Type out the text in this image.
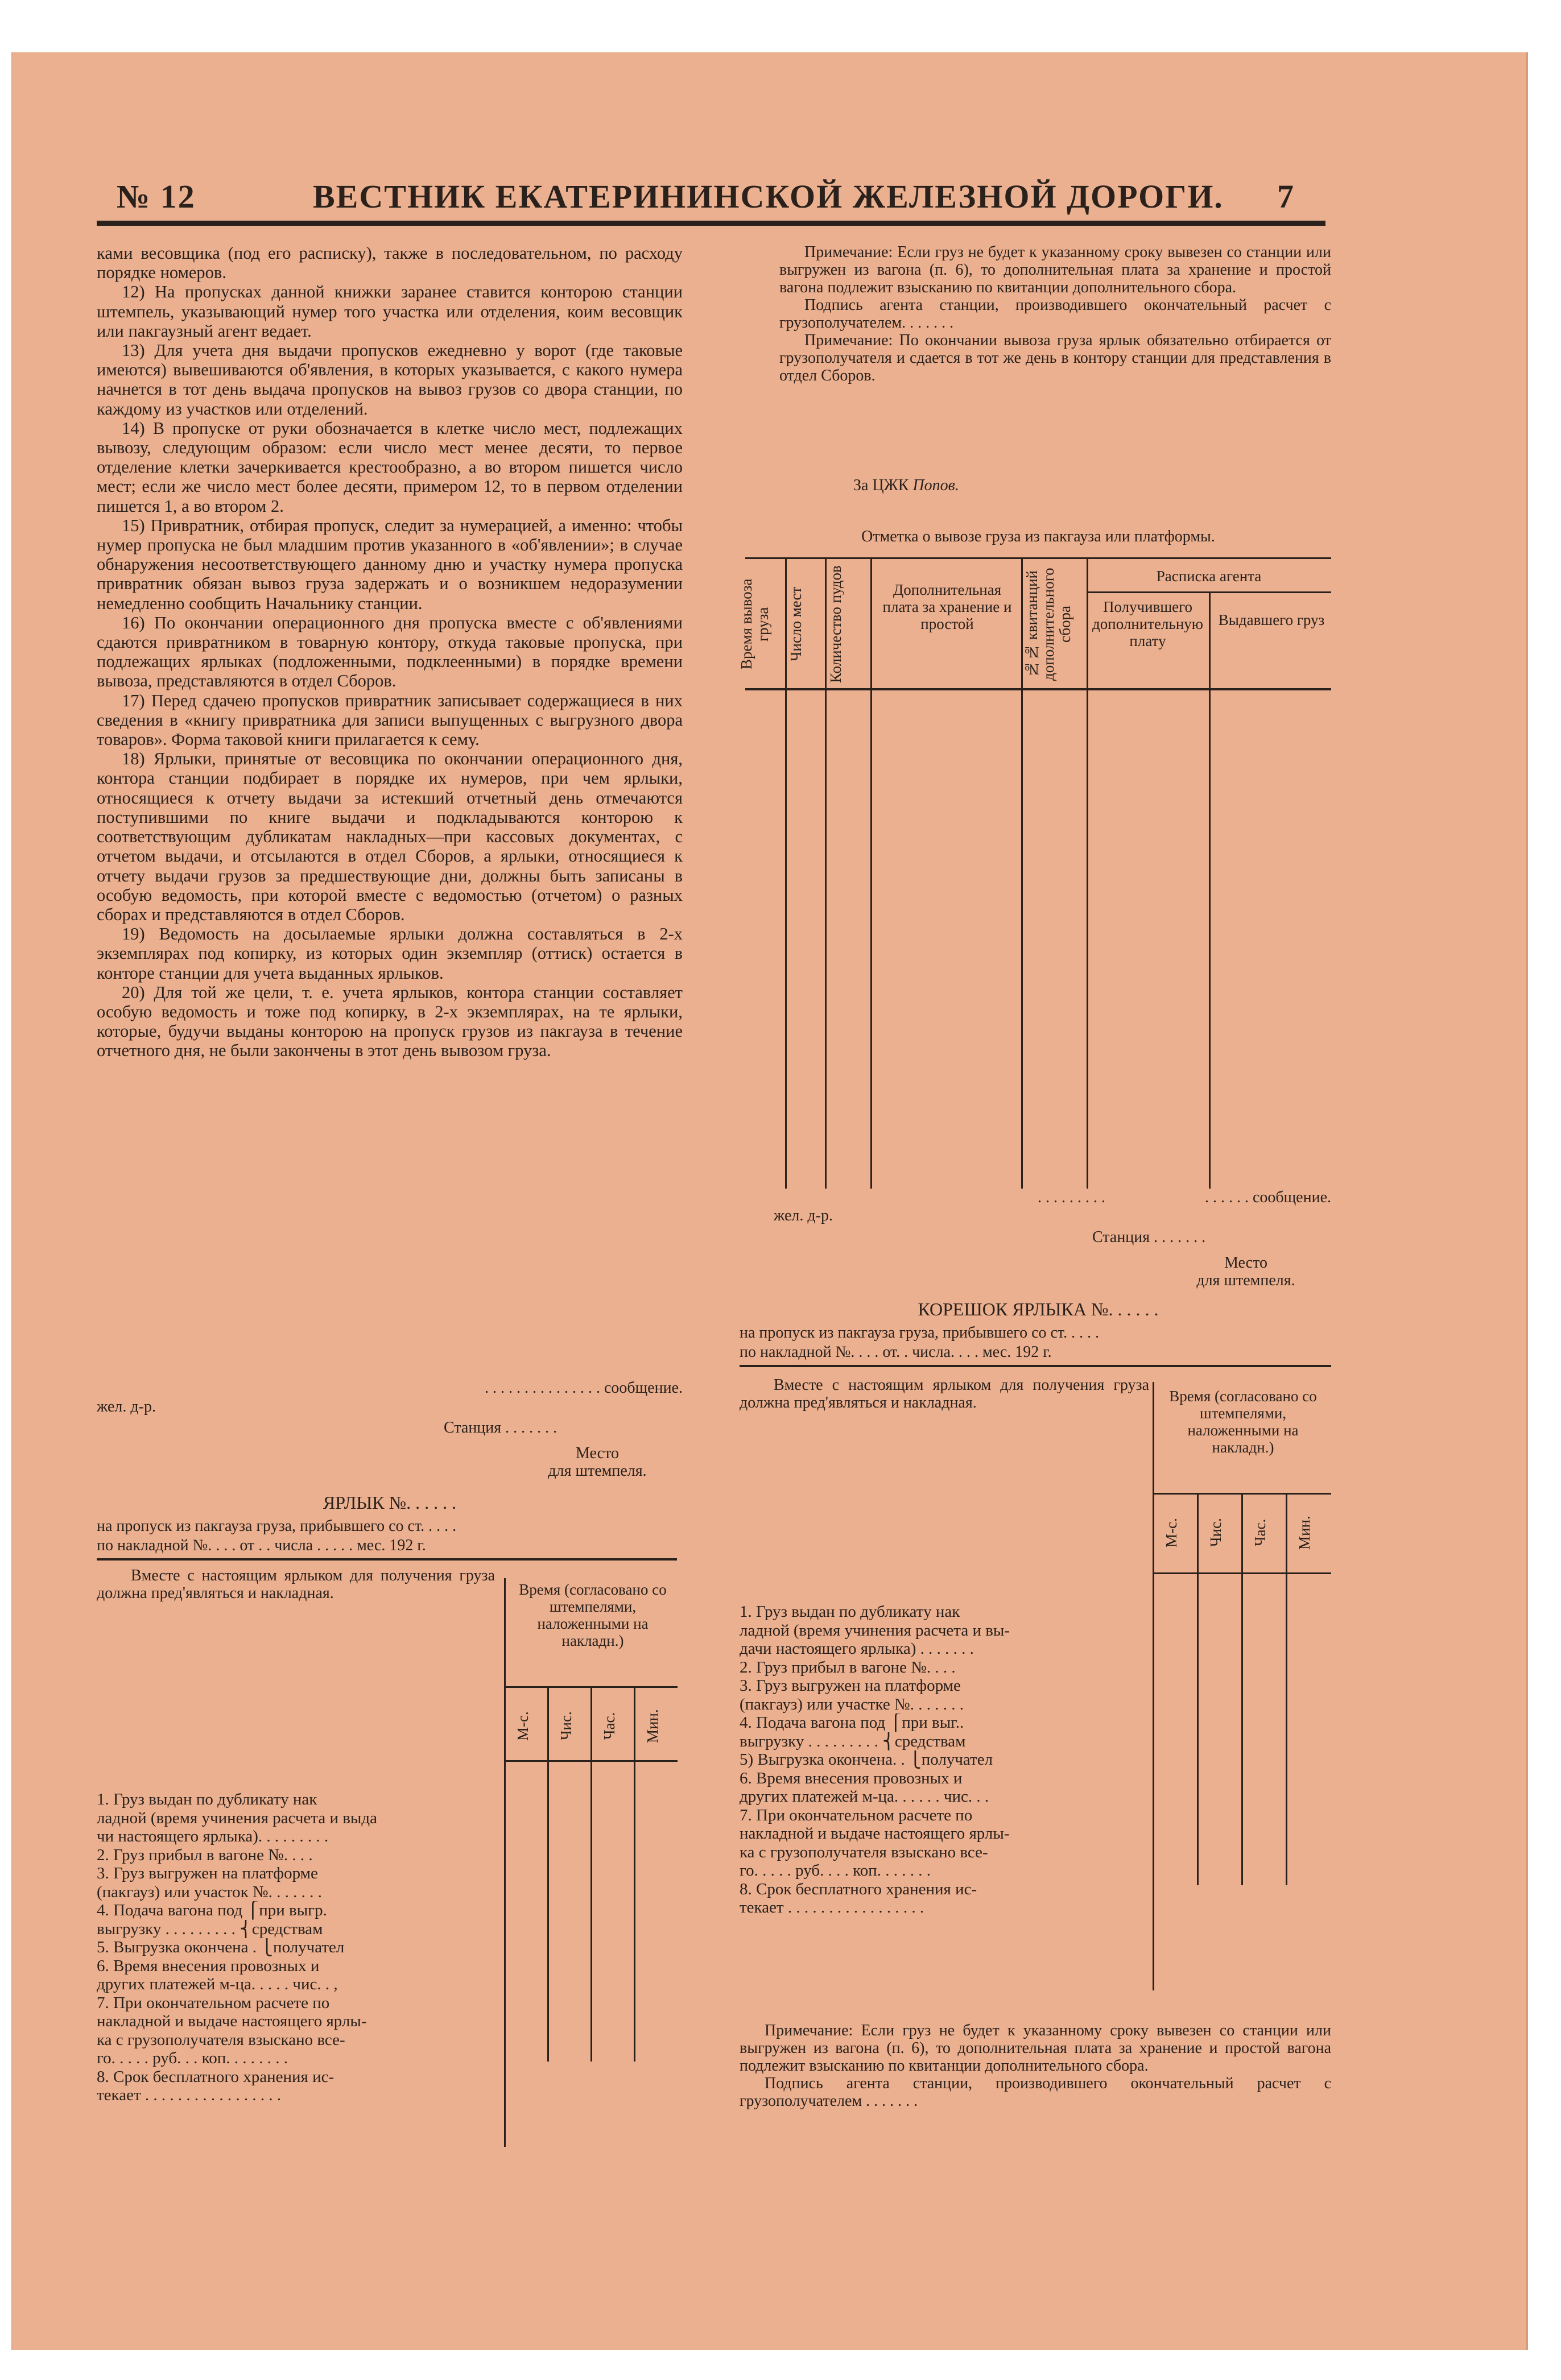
№ 12	ВЕСТНИК ЕКАТЕРИНИНСКОЙ ЖЕЛЕЗНОЙ ДОРОГИ. 7

ками весовщика (под его расписку), также в последовательном, по расходу порядке номеров.

12) На пропусках данной книжки заранее ставится конторою станции штемпель, указывающий нумер того участка или отделения, коим весовщик или пакгаузный агент ведает.

13) Для учета дня выдачи пропусков ежедневно у ворот (где таковые имеются) вывешиваются об'явления, в которых указывается, с какого нумера начнется в тот день выдача пропусков на вывоз грузов со двора станции, по каждому из участков или отделений.

14) В пропуске от руки обозначается в клетке число мест, подлежащих вывозу, следующим образом: если число мест менее десяти, то первое отделение клетки зачеркивается крестообразно, а во втором пишется число мест; если же число мест более десяти, примером 12, то в первом отделении пишется 1, а во втором 2.

15) Привратник, отбирая пропуск, следит за нумерацией, а именно: чтобы нумер пропуска не был младшим против указанного в «об'явлении»; в случае обнаружения несоответствующего данному дню и участку нумера пропуска привратник обязан вывоз груза задержать и о возникшем недоразумении немедленно сообщить Начальнику станции.

16) По окончании операционного дня пропуска вместе с об'явлениями сдаются привратником в товарную контору, откуда таковые пропуска, при подлежащих ярлыках (подложенными, подклеенными) в порядке времени вывоза, представляются в отдел Сборов.

17) Перед сдачею пропусков привратник записывает содержащиеся в них сведения в «книгу привратника для записи выпущенных с выгрузного двора товаров». Форма таковой книги прилагается к сему.

18) Ярлыки, принятые от весовщика по окончании операционного дня, контора станции подбирает в порядке их нумеров, при чем ярлыки, относящиеся к отчету выдачи за истекший отчетный день отмечаются поступившими по книге выдачи и подкладываются конторою к соответствующим дубликатам накладных—при кассовых документах, с отчетом выдачи, и отсылаются в отдел Сборов, а ярлыки, относящиеся к отчету выдачи грузов за предшествующие дни, должны быть записаны в особую ведомость, при которой вместе с ведомостью (отчетом) о разных сборах и представляются в отдел Сборов.

19) Ведомость на досылаемые ярлыки должна составляться в 2-х экземплярах под копирку, из которых один экземпляр (оттиск) остается в конторе станции для учета выданных ярлыков.

20) Для той же цели, т. е. учета ярлыков, контора станции составляет особую ведомость и тоже под копирку, в 2-х экземплярах, на те ярлыки, которые, будучи выданы конторою на пропуск грузов из пакгауза в течение отчетного дня, не были закончены в этот день вывозом груза.

. . . . . . . . . . . . . . . сообщение.
жел. д-р.
Станция . . . . . . .
Место
для штемпеля.
ЯРЛЫК №. . . . . .
на пропуск из пакгауза груза, прибывшего со ст. . . . .
по накладной №. . . . от . . числа . . . . . мес. 192 г.
Вместе с настоящим ярлыком для получения груза должна пред'являться и накладная.	Время (согласовано со штемпелями, наложенными на накладн.)
М-с. Чис. Час. Мин.
1. Груз выдан по дубликату нак
ладной (время учинения расчета и выда
чи настоящего ярлыка). . . . . . . . .
2. Груз прибыл в вагоне №. . . .
3. Груз выгружен на платформе
(пакгауз) или участок №. . . . . . .
4. Подача вагона под ⎧при выгр.
выгрузку . . . . . . . . . ⎨средствам
5. Выгрузка окончена . ⎩получател
6. Время внесения провозных и
других платежей м-ца. . . . . чис. . ,
7. При окончательном расчете по
накладной и выдаче настоящего ярлы-
ка с грузополучателя взыскано все-
го. . . . . руб. . . коп. . . . . . . .
8. Срок бесплатного хранения ис-
текает . . . . . . . . . . . . . . . . .

Примечание: Если груз не будет к указанному сроку вывезен со станции или выгружен из вагона (п. 6), то дополнительная плата за хранение и простой вагона подлежит взысканию по квитанции дополнительного сбора.

Подпись агента станции, производившего окончательный расчет с грузополучателем. . . . . . .

Примечание: По окончании вывоза груза ярлык обязательно отбирается от грузополучателя и сдается в тот же день в контору станции для представления в отдел Сборов.

За ЦЖК Попов.
Отметка о вывозе груза из пакгауза или платформы.
Время вывоза груза	Число мест	Количество пудов	Дополнительная плата за хранение и простой	№№ квитанций дополнительного сбора
Расписка агента
Получившего дополнительную плату
Выдавшего груз
. . . . . . . . .                         . . . . . . сообщение.
жел. д-р.
Станция . . . . . . .
Место
для штемпеля.
КОРЕШОК ЯРЛЫКА №. . . . . .
на пропуск из пакгауза груза, прибывшего со ст. . . . .
по накладной №. . . . от. . числа. . . . мес. 192 г.
Вместе с настоящим ярлыком для получения груза должна пред'являться и накладная.	Время (согласовано со штемпелями, наложенными на накладн.)
М-с. Чис. Час. Мин.
1. Груз выдан по дубликату нак
ладной (время учинения расчета и вы-
дачи настоящего ярлыка) . . . . . . .
2. Груз прибыл в вагоне №. . . .
3. Груз выгружен на платформе
(пакгауз) или участке №. . . . . . .
4. Подача вагона под ⎧при выг..
выгрузку . . . . . . . . . ⎨средствам
5) Выгрузка окончена. . ⎩получател
6. Время внесения провозных и
других платежей м-ца. . . . . . чис. . .
7. При окончательном расчете по
накладной и выдаче настоящего ярлы-
ка с грузополучателя взыскано все-
го. . . . . руб. . . . коп. . . . . . .
8. Срок бесплатного хранения ис-
текает . . . . . . . . . . . . . . . . .

Примечание: Если груз не будет к указанному сроку вывезен со станции или выгружен из вагона (п. 6), то дополнительная плата за хранение и простой вагона подлежит взысканию по квитанции дополнительного сбора.

Подпись агента станции, производившего окончательный расчет с грузополучателем . . . . . . .
